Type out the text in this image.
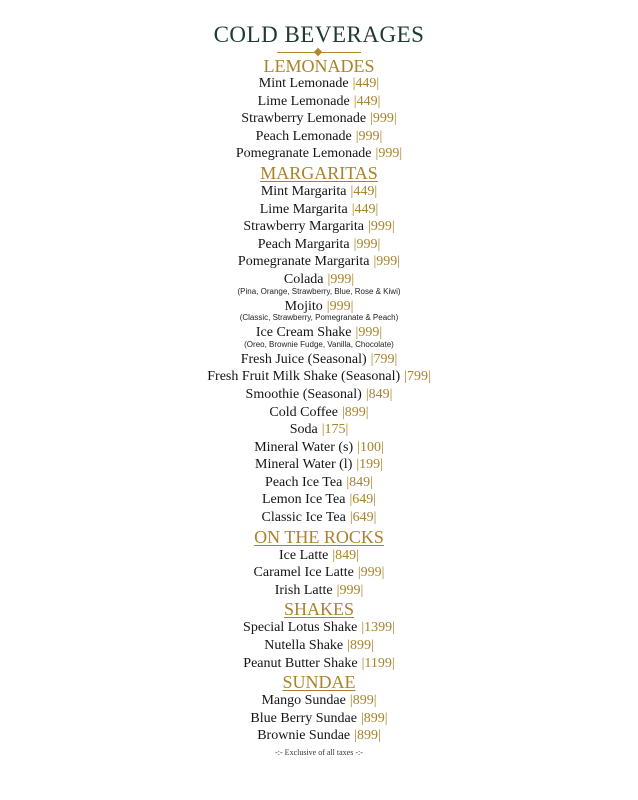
COLD BEVERAGES
LEMONADES
Mint Lemonade |449|
Lime Lemonade |449|
Strawberry Lemonade |999|
Peach Lemonade |999|
Pomegranate Lemonade |999|
MARGARITAS
Mint Margarita |449|
Lime Margarita |449|
Strawberry Margarita |999|
Peach Margarita |999|
Pomegranate Margarita |999|
Colada |999|
(Pina, Orange, Strawberry, Blue, Rose & Kiwi)
Mojito |999|
(Classic, Strawberry, Pomegranate & Peach)
Ice Cream Shake |999|
(Oreo, Brownie Fudge, Vanilla, Chocolate)
Fresh Juice (Seasonal) |799|
Fresh Fruit Milk Shake (Seasonal) |799|
Smoothie (Seasonal) |849|
Cold Coffee |899|
Soda |175|
Mineral Water (s) |100|
Mineral Water (l) |199|
Peach Ice Tea |849|
Lemon Ice Tea |649|
Classic Ice Tea |649|
ON THE ROCKS
Ice Latte |849|
Caramel Ice Latte |999|
Irish Latte |999|
SHAKES
Special Lotus Shake |1399|
Nutella Shake |899|
Peanut Butter Shake |1199|
SUNDAE
Mango Sundae |899|
Blue Berry Sundae |899|
Brownie Sundae |899|
-:- Exclusive of all taxes -:-
